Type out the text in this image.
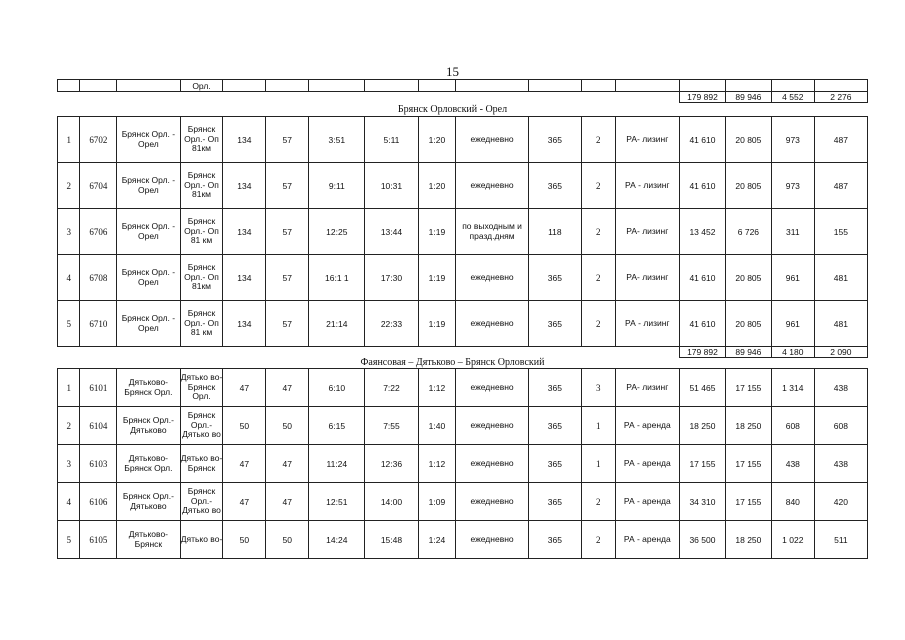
15
			Орл.													
													179 892	89 946	4 552	2 276
Брянск Орловский - Орел
1	6702	Брянск Орл. - Орел	Брянск Орл.- Оп 81км	134	57	3:51	5:11	1:20	ежедневно	365	2	РА- лизинг	41 610	20 805	973	487
2	6704	Брянск Орл. - Орел	Брянск Орл.- Оп 81км	134	57	9:11	10:31	1:20	ежедневно	365	2	РА - лизинг	41 610	20 805	973	487
3	6706	Брянск Орл. - Орел	Брянск Орл.- Оп 81 км	134	57	12:25	13:44	1:19	по выходным и празд.дням	118	2	РА- лизинг	13 452	6 726	311	155
4	6708	Брянск Орл. - Орел	Брянск Орл.- Оп 81км	134	57	16:1 1	17:30	1:19	ежедневно	365	2	РА- лизинг	41 610	20 805	961	481
5	6710	Брянск Орл. - Орел	Брянск Орл.- Оп 81 км	134	57	21:14	22:33	1:19	ежедневно	365	2	РА - лизинг	41 610	20 805	961	481
													179 892	89 946	4 180	2 090
Фаянсовая – Дятьково – Брянск Орловский
1	6101	Дятьково- Брянск Орл.	Дятько во- Брянск Орл.	47	47	6:10	7:22	1:12	ежедневно	365	3	РА- лизинг	51 465	17 155	1 314	438
2	6104	Брянск Орл.- Дятьково	Брянск Орл.- Дятько во	50	50	6:15	7:55	1:40	ежедневно	365	1	РА - аренда	18 250	18 250	608	608
3	6103	Дятьково- Брянск Орл.	Дятько во- Брянск	47	47	11:24	12:36	1:12	ежедневно	365	1	РА - аренда	17 155	17 155	438	438
4	6106	Брянск Орл.- Дятьково	Брянск Орл.- Дятько во	47	47	12:51	14:00	1:09	ежедневно	365	2	РА - аренда	34 310	17 155	840	420
5	6105	Дятьково- Брянск	Дятько во-	50	50	14:24	15:48	1:24	ежедневно	365	2	РА - аренда	36 500	18 250	1 022	511
